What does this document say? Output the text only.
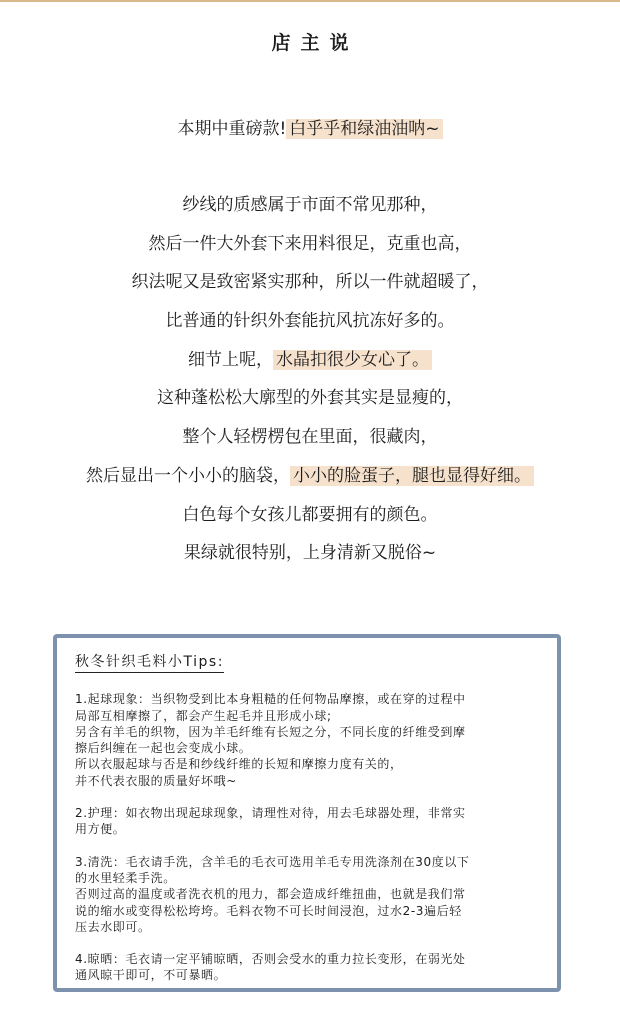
店主说
本期中重磅款! 白乎乎和绿油油呐~
纱线的质感属于市面不常见那种，
然后一件大外套下来用料很足，克重也高，
织法呢又是致密紧实那种，所以一件就超暖了，
比普通的针织外套能抗风抗冻好多的。
细节上呢， 水晶扣很少女心了。
这种蓬松松大廓型的外套其实是显瘦的，
整个人轻楞楞包在里面，很藏肉，
然后显出一个小小的脑袋， 小小的脸蛋子，腿也显得好细。
白色每个女孩儿都要拥有的颜色。
果绿就很特别，上身清新又脱俗~
秋冬针织毛料小Tips:

1.起球现象：当织物受到比本身粗糙的任何物品摩擦，或在穿的过程中

局部互相摩擦了，都会产生起毛并且形成小球;

另含有羊毛的织物，因为羊毛纤维有长短之分，不同长度的纤维受到摩

擦后纠缠在一起也会变成小球。

所以衣服起球与否是和纱线纤维的长短和摩擦力度有关的，

并不代表衣服的质量好坏哦~

2.护理：如衣物出现起球现象，请理性对待，用去毛球器处理，非常实

用方便。

3.清洗：毛衣请手洗，含羊毛的毛衣可选用羊毛专用洗涤剂在30度以下

的水里轻柔手洗。

否则过高的温度或者洗衣机的甩力，都会造成纤维扭曲，也就是我们常

说的缩水或变得松松垮垮。毛料衣物不可长时间浸泡，过水2-3遍后轻

压去水即可。

4.晾晒：毛衣请一定平铺晾晒，否则会受水的重力拉长变形，在弱光处

通风晾干即可，不可暴晒。
